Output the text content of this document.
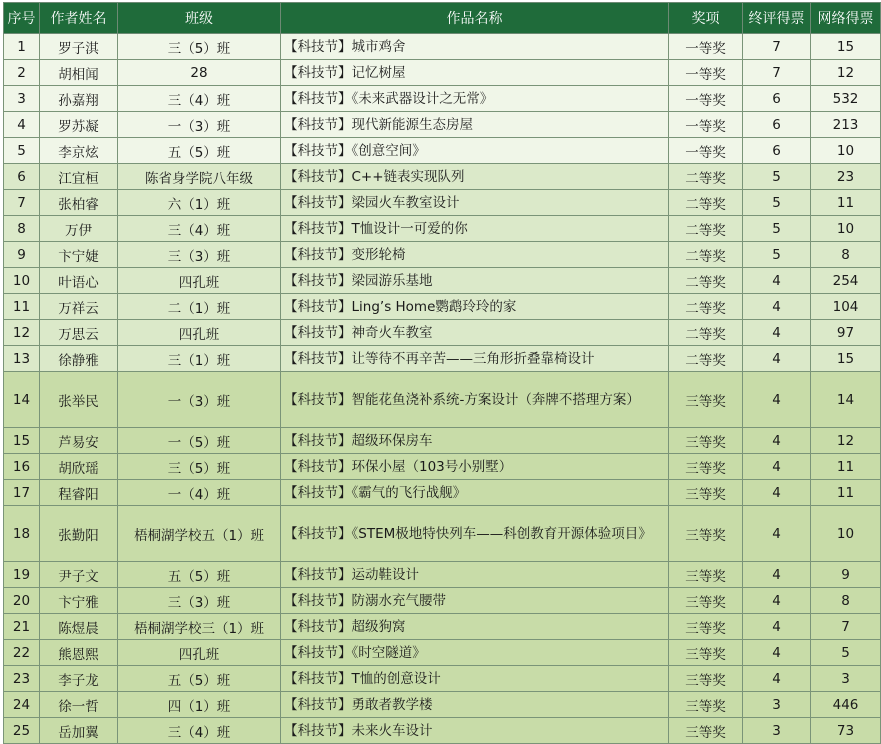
序号	作者姓名	班级	作品名称	奖项	终评得票	网络得票
1	罗子淇	三（5）班	【科技节】城市鸡舍	一等奖	7	15
2	胡相闻	28	【科技节】记忆树屋	一等奖	7	12
3	孙嘉翔	三（4）班	【科技节】《未来武器设计之无常》	一等奖	6	532
4	罗苏凝	一（3）班	【科技节】现代新能源生态房屋	一等奖	6	213
5	李京炫	五（5）班	【科技节】《创意空间》	一等奖	6	10
6	江宜桓	陈省身学院八年级	【科技节】C++链表实现队列	二等奖	5	23
7	张柏睿	六（1）班	【科技节】梁园火车教室设计	二等奖	5	11
8	万伊	三（4）班	【科技节】T恤设计一可爱的你	二等奖	5	10
9	卞宁婕	三（3）班	【科技节】变形轮椅	二等奖	5	8
10	叶语心	四孔班	【科技节】梁园游乐基地	二等奖	4	254
11	万祥云	二（1）班	【科技节】Ling’s Home鹦鹉玲玲的家	二等奖	4	104
12	万思云	四孔班	【科技节】神奇火车教室	二等奖	4	97
13	徐静雅	三（1）班	【科技节】让等待不再辛苦——三角形折叠靠椅设计	二等奖	4	15
14	张举民	一（3）班	【科技节】智能花鱼浇补系统-方案设计（奔牌不搭理方案）	三等奖	4	14
15	芦易安	一（5）班	【科技节】超级环保房车	三等奖	4	12
16	胡欣瑶	三（5）班	【科技节】环保小屋（103号小别墅）	三等奖	4	11
17	程睿阳	一（4）班	【科技节】《霸气的飞行战舰》	三等奖	4	11
18	张勤阳	梧桐湖学校五（1）班	【科技节】《STEM极地特快列车——科创教育开源体验项目》	三等奖	4	10
19	尹子文	五（5）班	【科技节】运动鞋设计	三等奖	4	9
20	卞宁雅	三（3）班	【科技节】防溺水充气腰带	三等奖	4	8
21	陈煜晨	梧桐湖学校三（1）班	【科技节】超级狗窝	三等奖	4	7
22	熊恩熙	四孔班	【科技节】《时空隧道》	三等奖	4	5
23	李子龙	五（5）班	【科技节】T恤的创意设计	三等奖	4	3
24	徐一哲	四（1）班	【科技节】勇敢者教学楼	三等奖	3	446
25	岳加翼	三（4）班	【科技节】未来火车设计	三等奖	3	73
